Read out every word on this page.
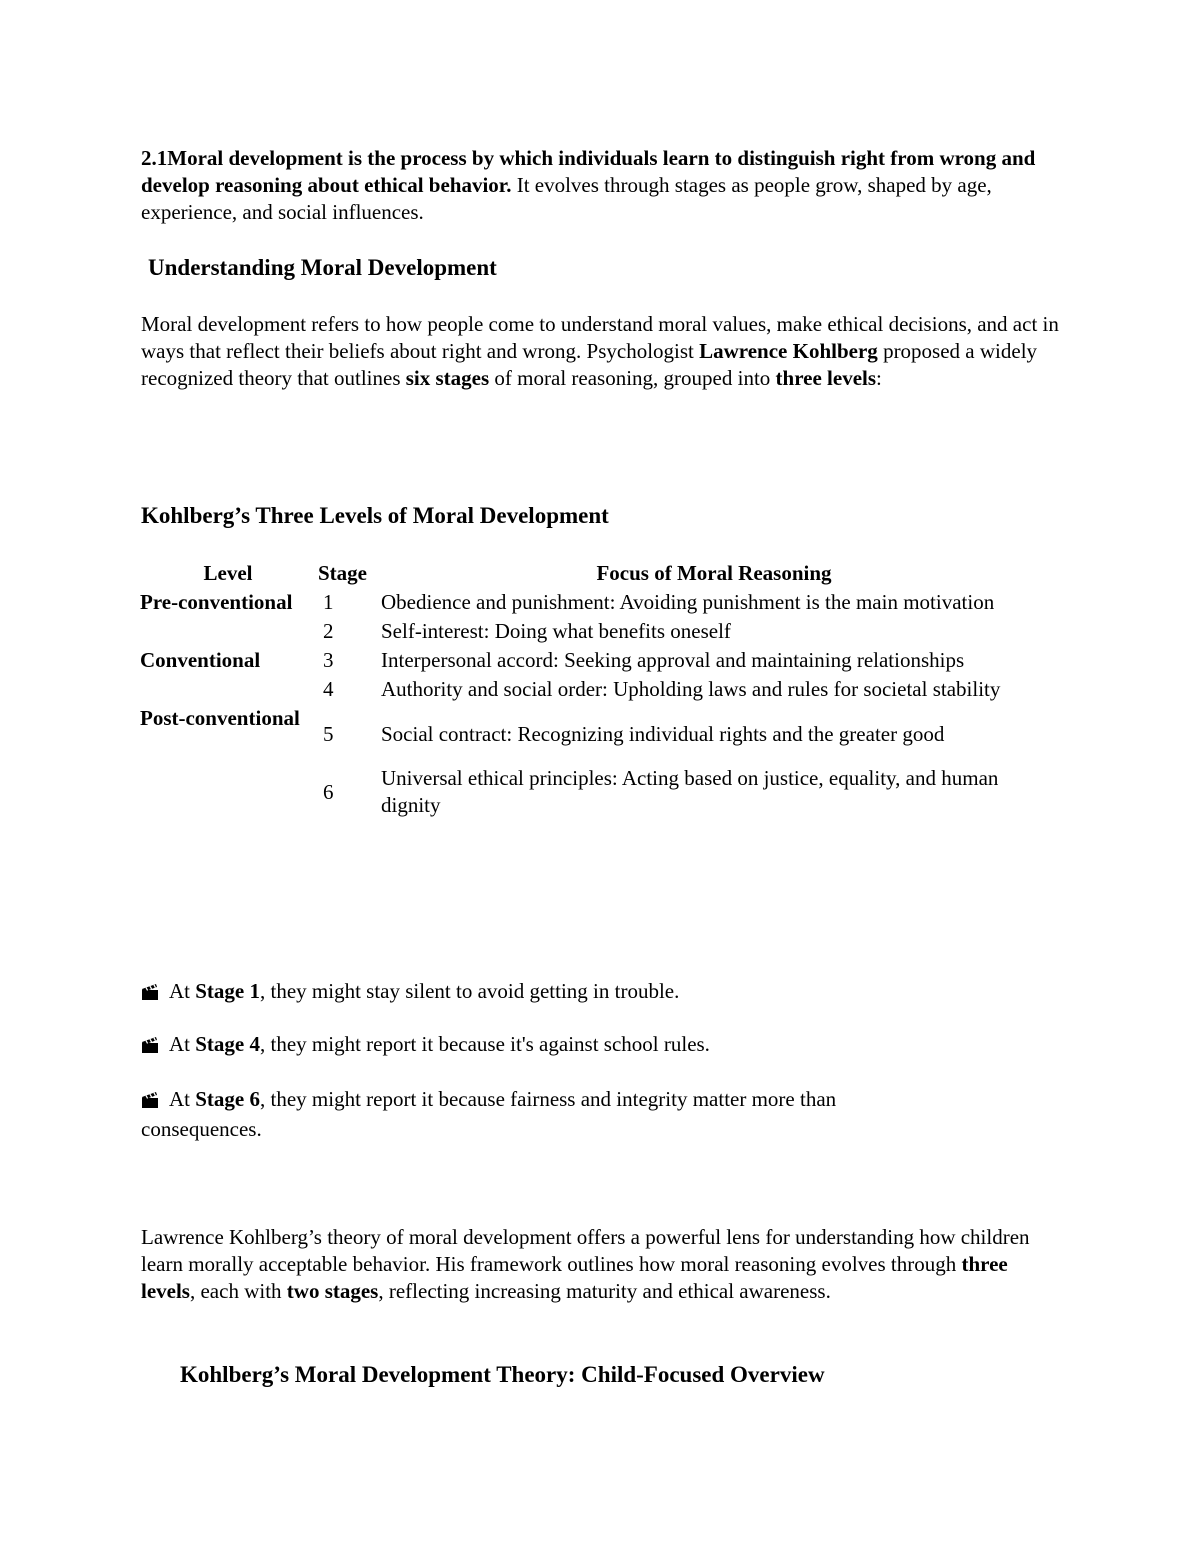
2.1Moral development is the process by which individuals learn to distinguish right from wrong and develop reasoning about ethical behavior. It evolves through stages as people grow, shaped by age, experience, and social influences.

Understanding Moral Development

Moral development refers to how people come to understand moral values, make ethical decisions, and act in ways that reflect their beliefs about right and wrong. Psychologist Lawrence Kohlberg proposed a widely recognized theory that outlines six stages of moral reasoning, grouped into three levels:

Kohlberg’s Three Levels of Moral Development
Level	Stage	Focus of Moral Reasoning
Pre-conventional	1	Obedience and punishment: Avoiding punishment is the main motivation
	2	Self-interest: Doing what benefits oneself
Conventional	3	Interpersonal accord: Seeking approval and maintaining relationships
	4	Authority and social order: Upholding laws and rules for societal stability
Post-conventional	5	Social contract: Recognizing individual rights and the greater good
	6	Universal ethical principles: Acting based on justice, equality, and human dignity

At Stage 1, they might stay silent to avoid getting in trouble.

At Stage 4, they might report it because it's against school rules.

At Stage 6, they might report it because fairness and integrity matter more than consequences.

Lawrence Kohlberg’s theory of moral development offers a powerful lens for understanding how children learn morally acceptable behavior. His framework outlines how moral reasoning evolves through three levels, each with two stages, reflecting increasing maturity and ethical awareness.

Kohlberg’s Moral Development Theory: Child-Focused Overview
